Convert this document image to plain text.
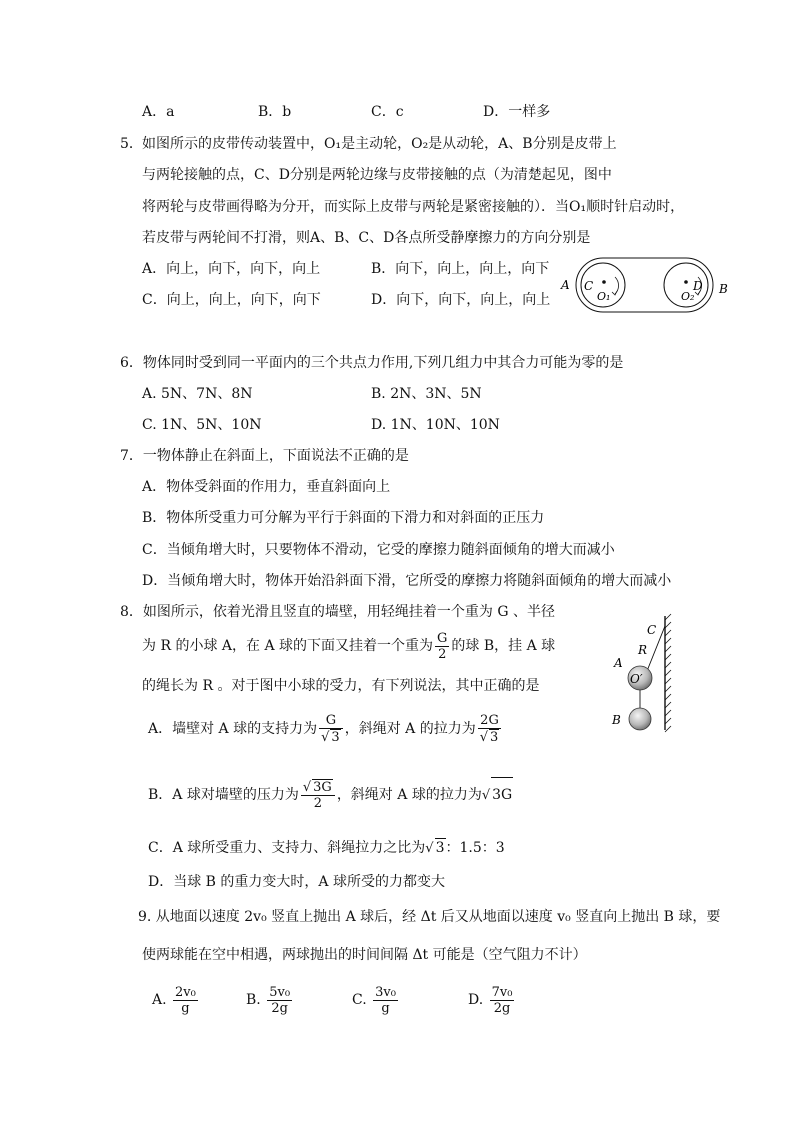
A．a	B．b	C．c	D．一样多
5． 如图所示的皮带传动装置中，O₁是主动轮，O₂是从动轮，A、B分别是皮带上
与两轮接触的点，C、D分别是两轮边缘与皮带接触的点（为清楚起见，图中
将两轮与皮带画得略为分开，而实际上皮带与两轮是紧密接触的）．当O₁顺时针启动时，
若皮带与两轮间不打滑，则A、B、C、D各点所受静摩擦力的方向分别是
A．向上，向下，向下，向上	B．向下，向上，向上，向下
C．向上，向上，向下，向下	D．向下，向下，向上，向上
A C
O₁
D
O₂
B
6．物体同时受到同一平面内的三个共点力作用,下列几组力中其合力可能为零的是
A. 5N、7N、8N	B. 2N、3N、5N
C. 1N、5N、10N	D. 1N、10N、10N
7．一物体静止在斜面上，下面说法不正确的是
A．物体受斜面的作用力，垂直斜面向上
B．物体所受重力可分解为平行于斜面的下滑力和对斜面的正压力
C．当倾角增大时，只要物体不滑动，它受的摩擦力随斜面倾角的增大而减小
D．当倾角增大时，物体开始沿斜面下滑，它所受的摩擦力将随斜面倾角的增大而减小
8．如图所示，依着光滑且竖直的墙壁，用轻绳挂着一个重为 G 、半径
为 R 的小球 A，在 A 球的下面又挂着一个重为 $\frac{G}{2}$ 的球 B，挂 A 球
的绳长为 R 。对于图中小球的受力，有下列说法，其中正确的是
A．墙壁对 A 球的支持力为 $\frac{G}{√ 3}$ ，斜绳对 A 的拉力为 $\frac{2G}{√ 3}$
B．A 球对墙壁的压力为 $\frac{√ 3G}{2}$ ，斜绳对 A 球的拉力为√ 3G
C．A 球所受重力、支持力、斜绳拉力之比为√ 3：1.5：3
D．当球 B 的重力变大时，A 球所受的力都变大
C
R
A
O′
B
9. 从地面以速度 2v₀ 竖直上抛出 A 球后，经 Δt 后又从地面以速度 v₀ 竖直向上抛出 B 球，要
使两球能在空中相遇，两球抛出的时间间隔 Δt 可能是（空气阻力不计）
A. $\frac{\text{2v₀}}{g}$	B. $\frac{\text{5v₀}}{2g}$	C. $\frac{\text{3v₀}}{g}$	D. $\frac{\text{7v₀}}{2g}$
